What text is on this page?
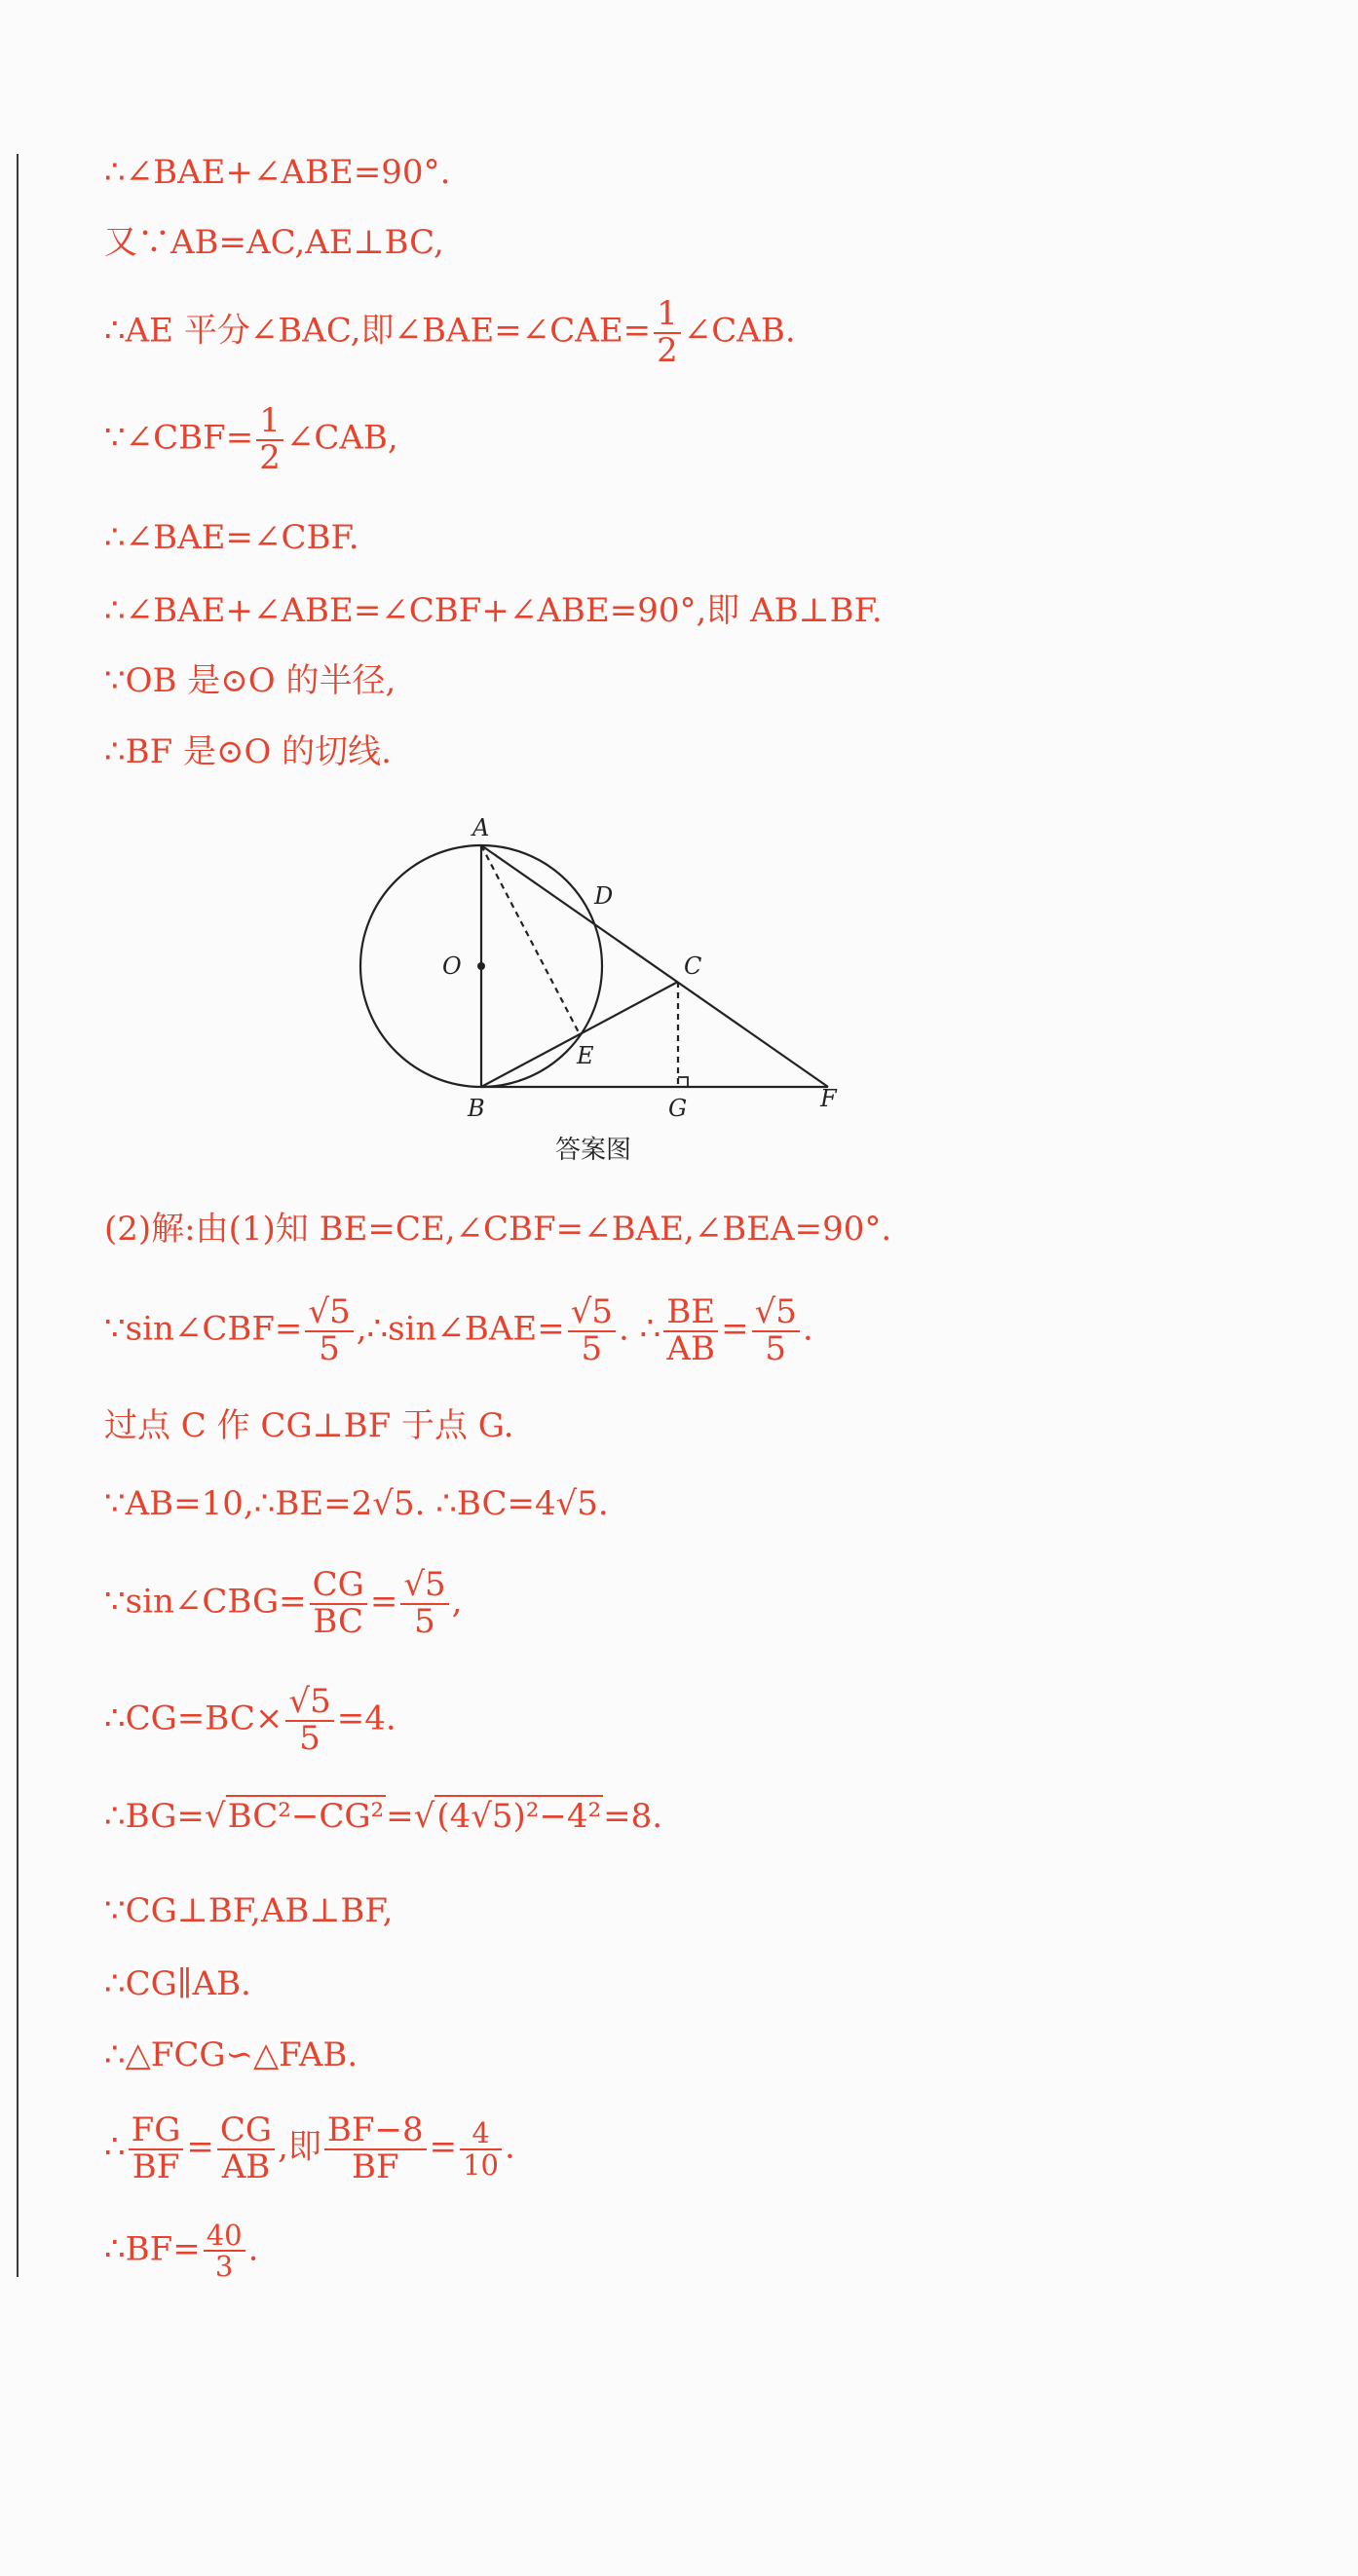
∴∠BAE+∠ABE=90°.
又∵AB=AC,AE⊥BC,
∴AE 平分∠BAC,即∠BAE=∠CAE= $\frac{1}{2}$ ∠CAB.
∵∠CBF= $\frac{1}{2}$ ∠CAB,
∴∠BAE=∠CBF.
∴∠BAE+∠ABE=∠CBF+∠ABE=90°,即 AB⊥BF.
∵OB 是⊙O 的半径,
∴BF 是⊙O 的切线.
A
B
C
D
E
F
G
O
答案图
(2)解:由(1)知 BE=CE,∠CBF=∠BAE,∠BEA=90°.
∵sin∠CBF= $\frac{√5}{5}$ ,∴sin∠BAE= $\frac{√5}{5}$ . ∴ $\frac{BE}{AB} = \frac{√5}{5}$ .
过点 C 作 CG⊥BF 于点 G.
∵AB=10,∴BE=2√5. ∴BC=4√5.
∵sin∠CBG= $\frac{CG}{BC} = \frac{√5}{5}$ ,
∴CG=BC× $\frac{√5}{5} =4$.
∴BG=√BC²−CG²=√(4√5)²−4²=8.
∵CG⊥BF,AB⊥BF,
∴CG∥AB.
∴△FCG∽△FAB.
∴ $\frac{FG}{BF} = \frac{CG}{AB}$ ,即 $\frac{BF-8}{BF} = \frac{4}{10}$ .
∴BF= $\frac{40}{3}$ .
